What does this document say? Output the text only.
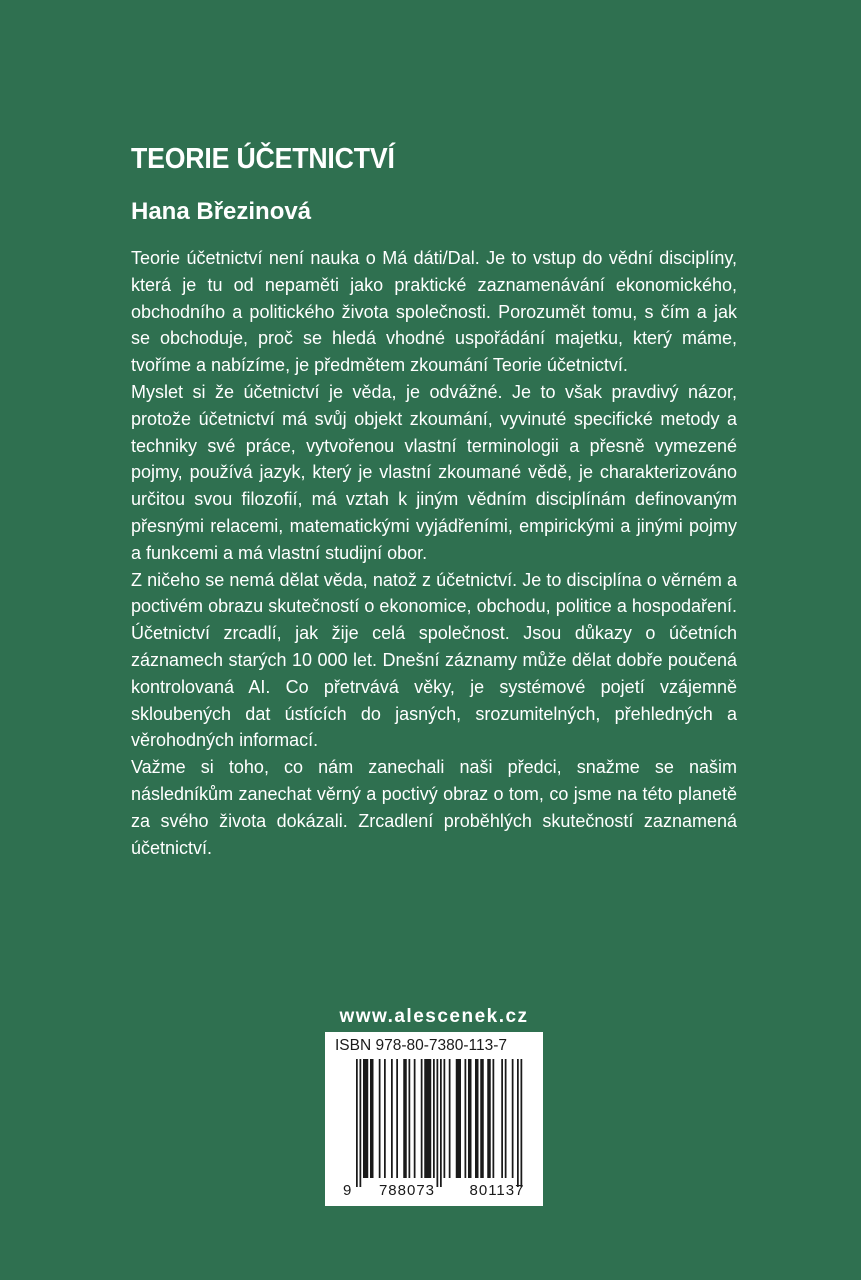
TEORIE ÚČETNICTVÍ
Hana Březinová

Teorie účetnictví není nauka o Má dáti/Dal. Je to vstup do vědní disciplíny, která je tu od nepaměti jako praktické zaznamenávání ekonomického, obchodního a politického života společnosti. Porozumět tomu, s čím a jak se obchoduje, proč se hledá vhodné uspořádání majetku, který máme, tvoříme a nabízíme, je předmětem zkoumání Teorie účetnictví.

Myslet si že účetnictví je věda, je odvážné. Je to však pravdivý názor, protože účetnictví má svůj objekt zkoumání, vyvinuté specifické metody a techniky své práce, vytvořenou vlastní terminologii a přesně vymezené pojmy, používá jazyk, který je vlastní zkoumané vědě, je charakterizováno určitou svou filozofií, má vztah k jiným vědním disciplínám definovaným přesnými relacemi, matematickými vyjádřeními, empirickými a jinými pojmy a funkcemi a má vlastní studijní obor.

Z ničeho se nemá dělat věda, natož z účetnictví. Je to disciplína o věrném a poctivém obrazu skutečností o ekonomice, obchodu, politice a hospodaření. Účetnictví zrcadlí, jak žije celá společnost. Jsou důkazy o účetních záznamech starých 10 000 let. Dnešní záznamy může dělat dobře poučená kontrolovaná AI. Co přetrvává věky, je systémové pojetí vzájemně skloubených dat ústících do jasných, srozumitelných, přehledných a věrohodných informací.

Važme si toho, co nám zanechali naši předci, snažme se našim následníkům zanechat věrný a poctivý obraz o tom, co jsme na této planetě za svého života dokázali. Zrcadlení proběhlých skutečností zaznamená účetnictví.

www.alescenek.cz
ISBN 978-80-7380-113-7
9	788073	801137
